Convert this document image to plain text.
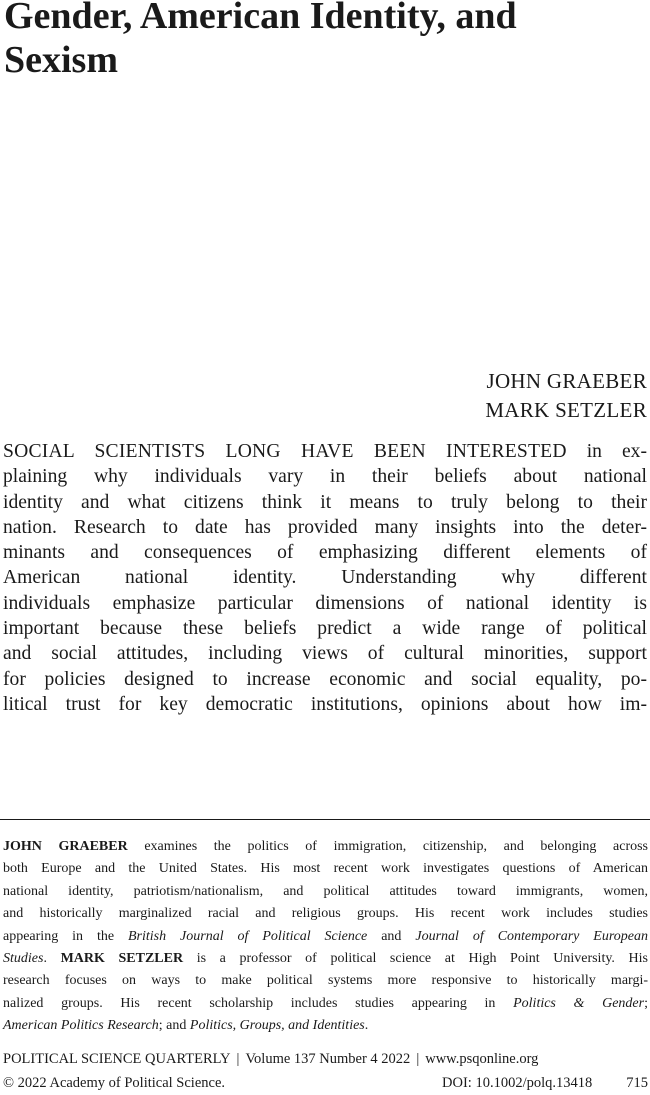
Gender, American Identity, and
Sexism
JOHN GRAEBER
MARK SETZLER
SOCIAL SCIENTISTS LONG HAVE BEEN INTERESTED in ex-
plaining why individuals vary in their beliefs about national
identity and what citizens think it means to truly belong to their
nation. Research to date has provided many insights into the deter-
minants and consequences of emphasizing different elements of
American national identity. Understanding why different
individuals emphasize particular dimensions of national identity is
important because these beliefs predict a wide range of political
and social attitudes, including views of cultural minorities, support
for policies designed to increase economic and social equality, po-
litical trust for key democratic institutions, opinions about how im-
JOHN GRAEBER examines the politics of immigration, citizenship, and belonging across
both Europe and the United States. His most recent work investigates questions of American
national identity, patriotism/nationalism, and political attitudes toward immigrants, women,
and historically marginalized racial and religious groups. His recent work includes studies
appearing in the British Journal of Political Science and Journal of Contemporary European
Studies. MARK SETZLER is a professor of political science at High Point University. His
research focuses on ways to make political systems more responsive to historically margi-
nalized groups. His recent scholarship includes studies appearing in Politics & Gender;
American Politics Research; and Politics, Groups, and Identities.
POLITICAL SCIENCE QUARTERLY | Volume 137 Number 4 2022 | www.psqonline.org
© 2022 Academy of Political Science.	DOI: 10.1002/polq.13418 715
